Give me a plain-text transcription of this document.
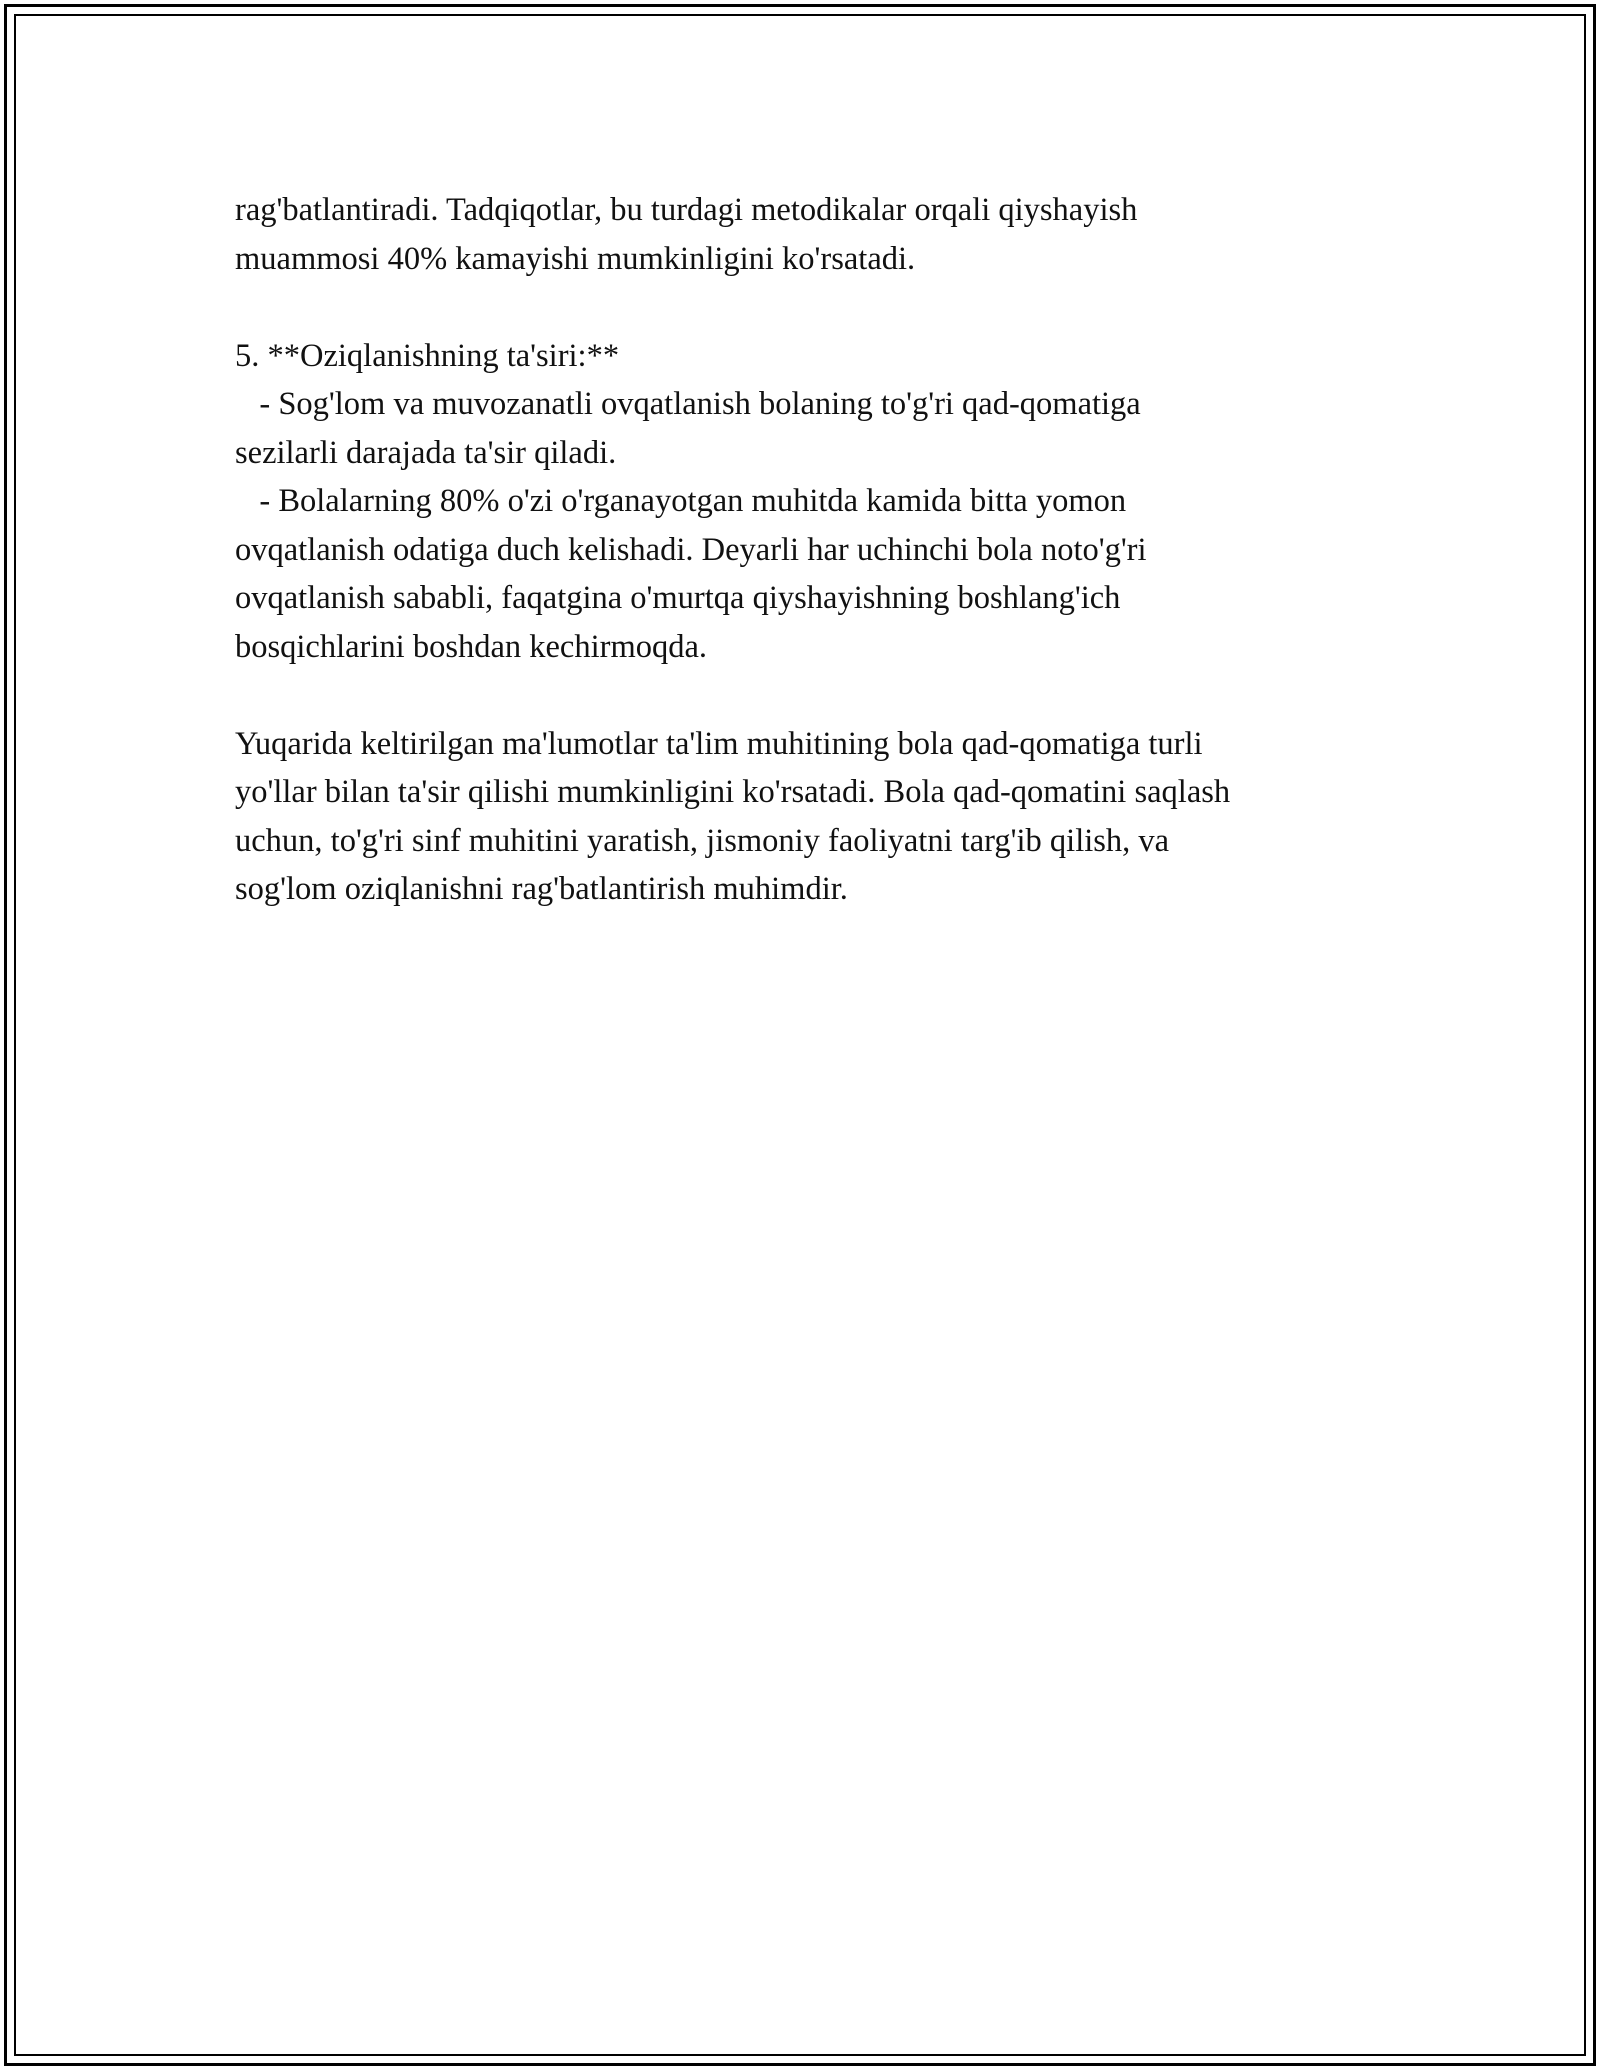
rag'batlantiradi. Tadqiqotlar, bu turdagi metodikalar orqali qiyshayish
muammosi 40% kamayishi mumkinligini ko'rsatadi.
5. **Oziqlanishning ta'siri:**
- Sog'lom va muvozanatli ovqatlanish bolaning to'g'ri qad-qomatiga
sezilarli darajada ta'sir qiladi.
- Bolalarning 80% o'zi o'rganayotgan muhitda kamida bitta yomon
ovqatlanish odatiga duch kelishadi. Deyarli har uchinchi bola noto'g'ri
ovqatlanish sababli, faqatgina o'murtqa qiyshayishning boshlang'ich
bosqichlarini boshdan kechirmoqda.
Yuqarida keltirilgan ma'lumotlar ta'lim muhitining bola qad-qomatiga turli
yo'llar bilan ta'sir qilishi mumkinligini ko'rsatadi. Bola qad-qomatini saqlash
uchun, to'g'ri sinf muhitini yaratish, jismoniy faoliyatni targ'ib qilish, va
sog'lom oziqlanishni rag'batlantirish muhimdir.
